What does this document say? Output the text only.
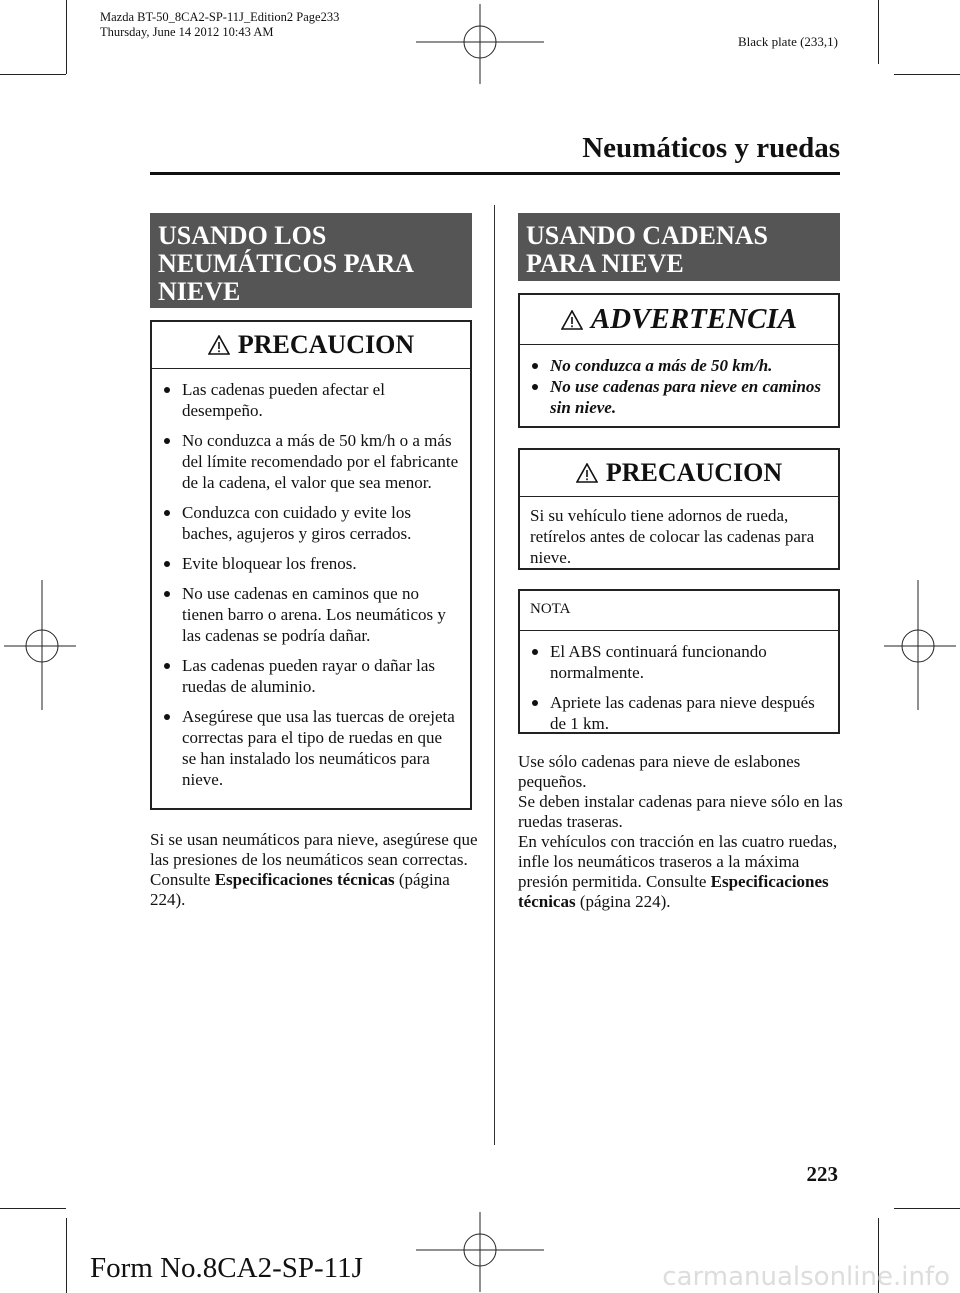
Mazda BT-50_8CA2-SP-11J_Edition2 Page233
Thursday, June 14 2012 10:43 AM
Black plate (233,1)
Neumáticos y ruedas
USANDO LOS
NEUMÁTICOS PARA
NIEVE
PRECAUCION
Las cadenas pueden afectar el desempeño.
No conduzca a más de 50 km/h o a más del límite recomendado por el fabricante de la cadena, el valor que sea menor.
Conduzca con cuidado y evite los baches, agujeros y giros cerrados.
Evite bloquear los frenos.
No use cadenas en caminos que no tienen barro o arena. Los neumáticos y las cadenas se podría dañar.
Las cadenas pueden rayar o dañar las ruedas de aluminio.
Asegúrese que usa las tuercas de orejeta correctas para el tipo de ruedas en que se han instalado los neumáticos para nieve.
Si se usan neumáticos para nieve, asegúrese que las presiones de los neumáticos sean correctas. Consulte Especificaciones técnicas (página 224).
USANDO CADENAS
PARA NIEVE
ADVERTENCIA
No conduzca a más de 50 km/h.
No use cadenas para nieve en caminos sin nieve.
PRECAUCION
Si su vehículo tiene adornos de rueda, retírelos antes de colocar las cadenas para nieve.
NOTA
El ABS continuará funcionando normalmente.
Apriete las cadenas para nieve después de 1 km.
Use sólo cadenas para nieve de eslabones pequeños.
Se deben instalar cadenas para nieve sólo en las ruedas traseras.
En vehículos con tracción en las cuatro ruedas, infle los neumáticos traseros a la máxima presión permitida. Consulte Especificaciones técnicas (página 224).
223
Form No.8CA2-SP-11J	carmanualsonline.info
